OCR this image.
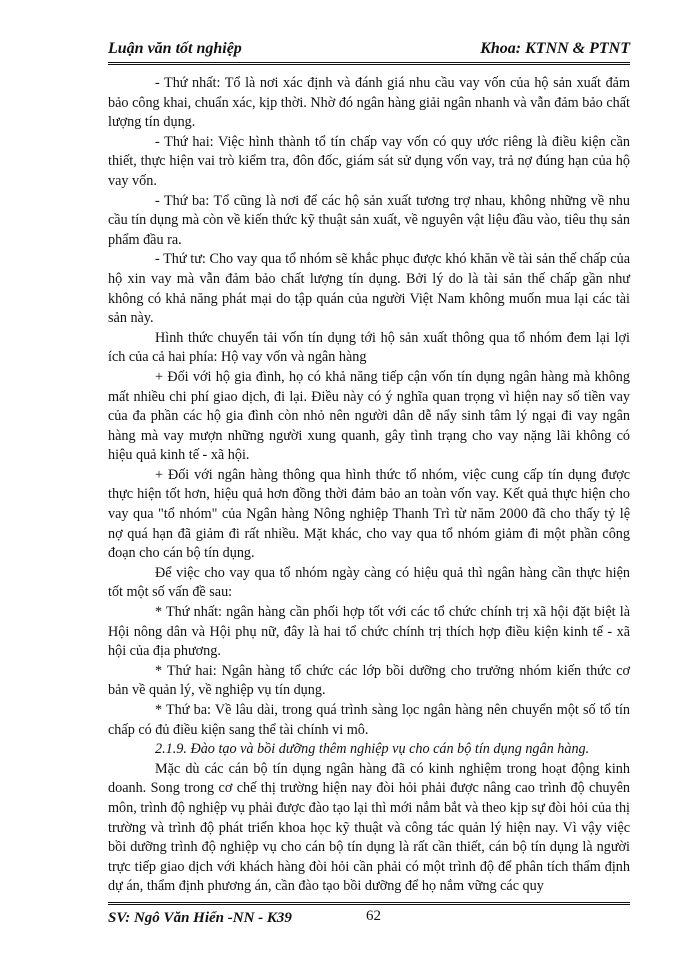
Luận văn tốt nghiệp	Khoa: KTNN & PTNT

- Thứ nhất: Tổ là nơi xác định và đánh giá nhu cầu vay vốn của hộ sản xuất đảm bảo công khai, chuẩn xác, kịp thời. Nhờ đó ngân hàng giải ngân nhanh và vẫn đảm bảo chất lượng tín dụng.

- Thứ hai: Việc hình thành tổ tín chấp vay vốn có quy ước riêng là điều kiện cần thiết, thực hiện vai trò kiểm tra, đôn đốc, giám sát sử dụng vốn vay, trả nợ đúng hạn của hộ vay vốn.

- Thứ ba: Tổ cũng là nơi để các hộ sản xuất tương trợ nhau, không những về nhu cầu tín dụng mà còn về kiến thức kỹ thuật sản xuất, về nguyên vật liệu đầu vào, tiêu thụ sản phẩm đầu ra.

- Thứ tư: Cho vay qua tổ nhóm sẽ khắc phục được khó khăn về tài sản thế chấp của hộ xin vay mà vẫn đảm bảo chất lượng tín dụng. Bởi lý do là tài sản thế chấp gần như không có khả năng phát mại do tập quán của người Việt Nam không muốn mua lại các tài sản này.

Hình thức chuyển tải vốn tín dụng tới hộ sản xuất thông qua tổ nhóm đem lại lợi ích của cả hai phía: Hộ vay vốn và ngân hàng

+ Đối với hộ gia đình, họ có khả năng tiếp cận vốn tín dụng ngân hàng mà không mất nhiều chi phí giao dịch, đi lại. Điều này có ý nghĩa quan trọng vì hiện nay số tiền vay của đa phần các hộ gia đình còn nhỏ nên người dân dễ nẩy sinh tâm lý ngại đi vay ngân hàng mà vay mượn những người xung quanh, gây tình trạng cho vay nặng lãi không có hiệu quả kinh tế - xã hội.

+ Đối với ngân hàng thông qua hình thức tổ nhóm, việc cung cấp tín dụng được thực hiện tốt hơn, hiệu quả hơn đồng thời đảm bảo an toàn vốn vay. Kết quả thực hiện cho vay qua "tổ nhóm" của Ngân hàng Nông nghiệp Thanh Trì từ năm 2000 đã cho thấy tỷ lệ nợ quá hạn đã giảm đi rất nhiều. Mặt khác, cho vay qua tổ nhóm giảm đi một phần công đoạn cho cán bộ tín dụng.

Để việc cho vay qua tổ nhóm ngày càng có hiệu quả thì ngân hàng cần thực hiện tốt một số vấn đề sau:

* Thứ nhất: ngân hàng cần phối hợp tốt với các tổ chức chính trị xã hội đặt biệt là Hội nông dân và Hội phụ nữ, đây là hai tổ chức chính trị thích hợp điều kiện kinh tế - xã hội của địa phương.

* Thứ hai: Ngân hàng tổ chức các lớp bồi dưỡng cho trưởng nhóm kiến thức cơ bản về quản lý, về nghiệp vụ tín dụng.

* Thứ ba: Về lâu dài, trong quá trình sàng lọc ngân hàng nên chuyển một số tổ tín chấp có đủ điều kiện sang thể tài chính vi mô.

2.1.9. Đào tạo và bồi dưỡng thêm nghiệp vụ cho cán bộ tín dụng ngân hàng.

Mặc dù các cán bộ tín dụng ngân hàng đã có kinh nghiệm trong hoạt động kinh doanh. Song trong cơ chế thị trường hiện nay đòi hỏi phải được nâng cao trình độ chuyên môn, trình độ nghiệp vụ phải được đào tạo lại thì mới nắm bắt và theo kịp sự đòi hỏi của thị trường và trình độ phát triển khoa học kỹ thuật và công tác quản lý hiện nay. Vì vậy việc bồi dưỡng trình độ nghiệp vụ cho cán bộ tín dụng là rất cần thiết, cán bộ tín dụng là người trực tiếp giao dịch với khách hàng đòi hỏi cần phải có một trình độ để phân tích thẩm định dự án, thẩm định phương án, cần đào tạo bồi dưỡng để họ nắm vững các quy

SV: Ngô Văn Hiển -NN - K39	62
